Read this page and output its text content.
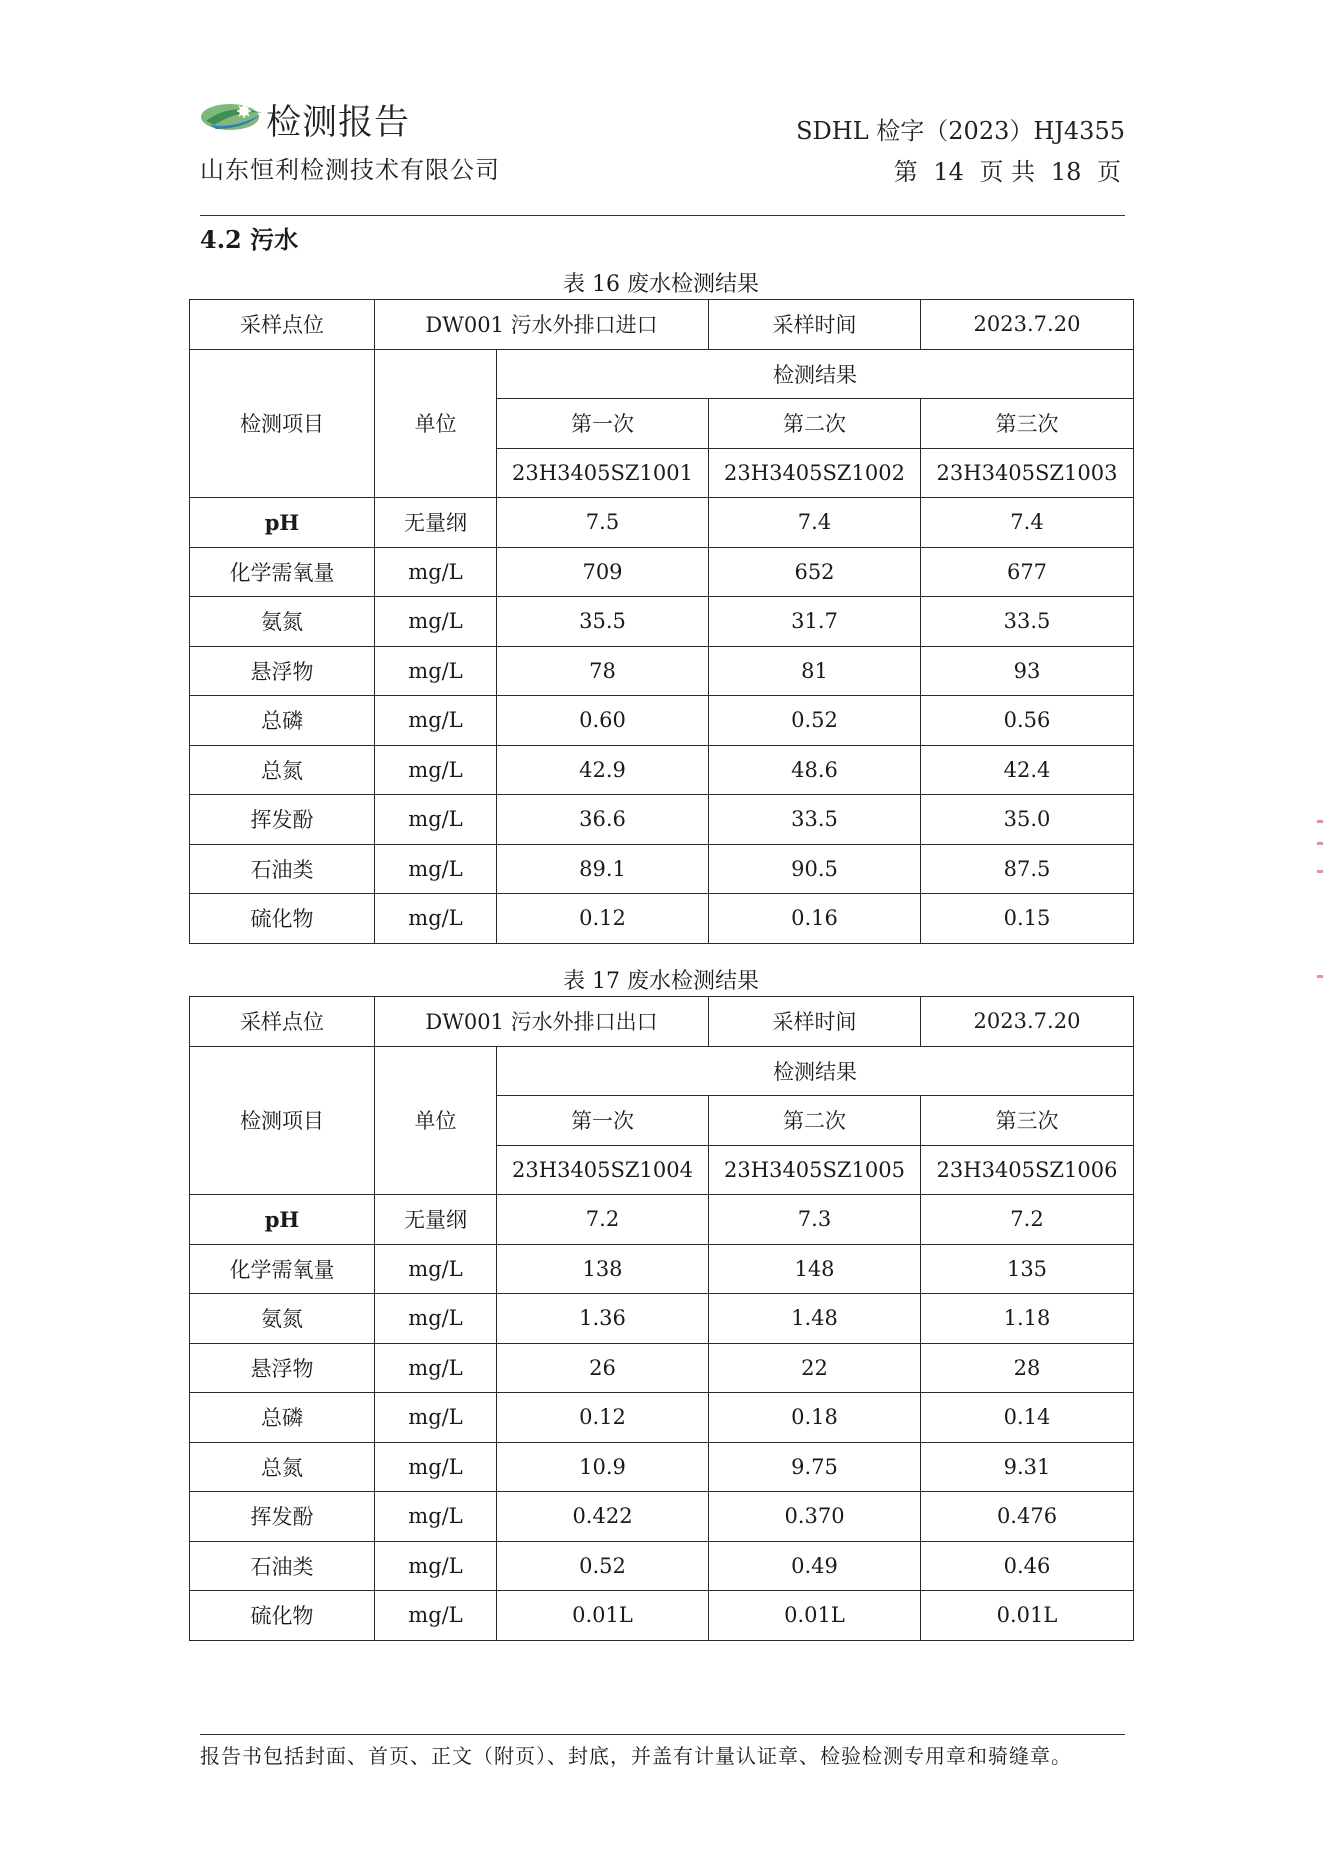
检测报告
山东恒利检测技术有限公司
SDHL 检字（2023）HJ4355
第 14 页 共 18 页
4.2 污水
表 16 废水检测结果
采样点位	DW001 污水外排口进口		采样时间	2023.7.20
检测项目	单位	检测结果		
		第一次	第二次	第三次
		23H3405SZ1001	23H3405SZ1002	23H3405SZ1003
pH	无量纲	7.5	7.4	7.4
化学需氧量	mg/L	709	652	677
氨氮	mg/L	35.5	31.7	33.5
悬浮物	mg/L	78	81	93
总磷	mg/L	0.60	0.52	0.56
总氮	mg/L	42.9	48.6	42.4
挥发酚	mg/L	36.6	33.5	35.0
石油类	mg/L	89.1	90.5	87.5
硫化物	mg/L	0.12	0.16	0.15
表 17 废水检测结果
采样点位	DW001 污水外排口出口		采样时间	2023.7.20
检测项目	单位	检测结果		
		第一次	第二次	第三次
		23H3405SZ1004	23H3405SZ1005	23H3405SZ1006
pH	无量纲	7.2	7.3	7.2
化学需氧量	mg/L	138	148	135
氨氮	mg/L	1.36	1.48	1.18
悬浮物	mg/L	26	22	28
总磷	mg/L	0.12	0.18	0.14
总氮	mg/L	10.9	9.75	9.31
挥发酚	mg/L	0.422	0.370	0.476
石油类	mg/L	0.52	0.49	0.46
硫化物	mg/L	0.01L	0.01L	0.01L
报告书包括封面、首页、正文（附页）、封底，并盖有计量认证章、检验检测专用章和骑缝章。
